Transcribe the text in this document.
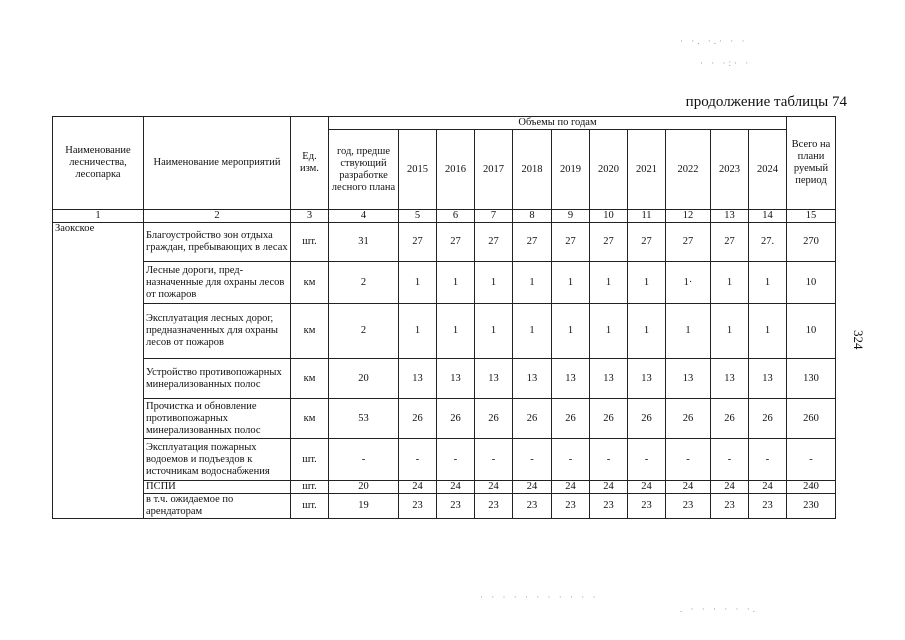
продолжение таблицы 74
324
· ·. ·.· · ·
· · ·:· ·
· · · · · · · · · · ·
. · · · · · ·.
Наименование лесничества, лесопарка	Наименование мероприятий	Ед. изм.	Объемы по годам											Всего на плани руемый период
			год, предше ствующий разработке лесного плана	2015	2016	2017	2018	2019	2020	2021	2022	2023	2024	
1	2	3	4	5	6	7	8	9	10	11	12	13	14	15
Заокское	Благоустройство зон отдыха граждан, пребывающих в лесах	шт.	31	27	27	27	27	27	27	27	27	27	27.	270
	Лесные дороги, пред-назначенные для охраны лесов от пожаров	км	2	1	1	1	1	1	1	1	1·	1	1	10
	Эксплуатация лесных дорог, предназначенных для охраны лесов от пожаров	км	2	1	1	1	1	1	1	1	1	1	1	10
	Устройство противопожарных минерализованных полос	км	20	13	13	13	13	13	13	13	13	13	13	130
	Прочистка и обновление противопожарных минерализованных полос	км	53	26	26	26	26	26	26	26	26	26	26	260
	Эксплуатация пожарных водоемов и подъездов к источникам водоснабжения	шт.	-	-	-	-	-	-	-	-	-	-	-	-
	ПСПИ	шт.	20	24	24	24	24	24	24	24	24	24	24	240
	в т.ч. ожидаемое по арендаторам	шт.	19	23	23	23	23	23	23	23	23	23	23	230
